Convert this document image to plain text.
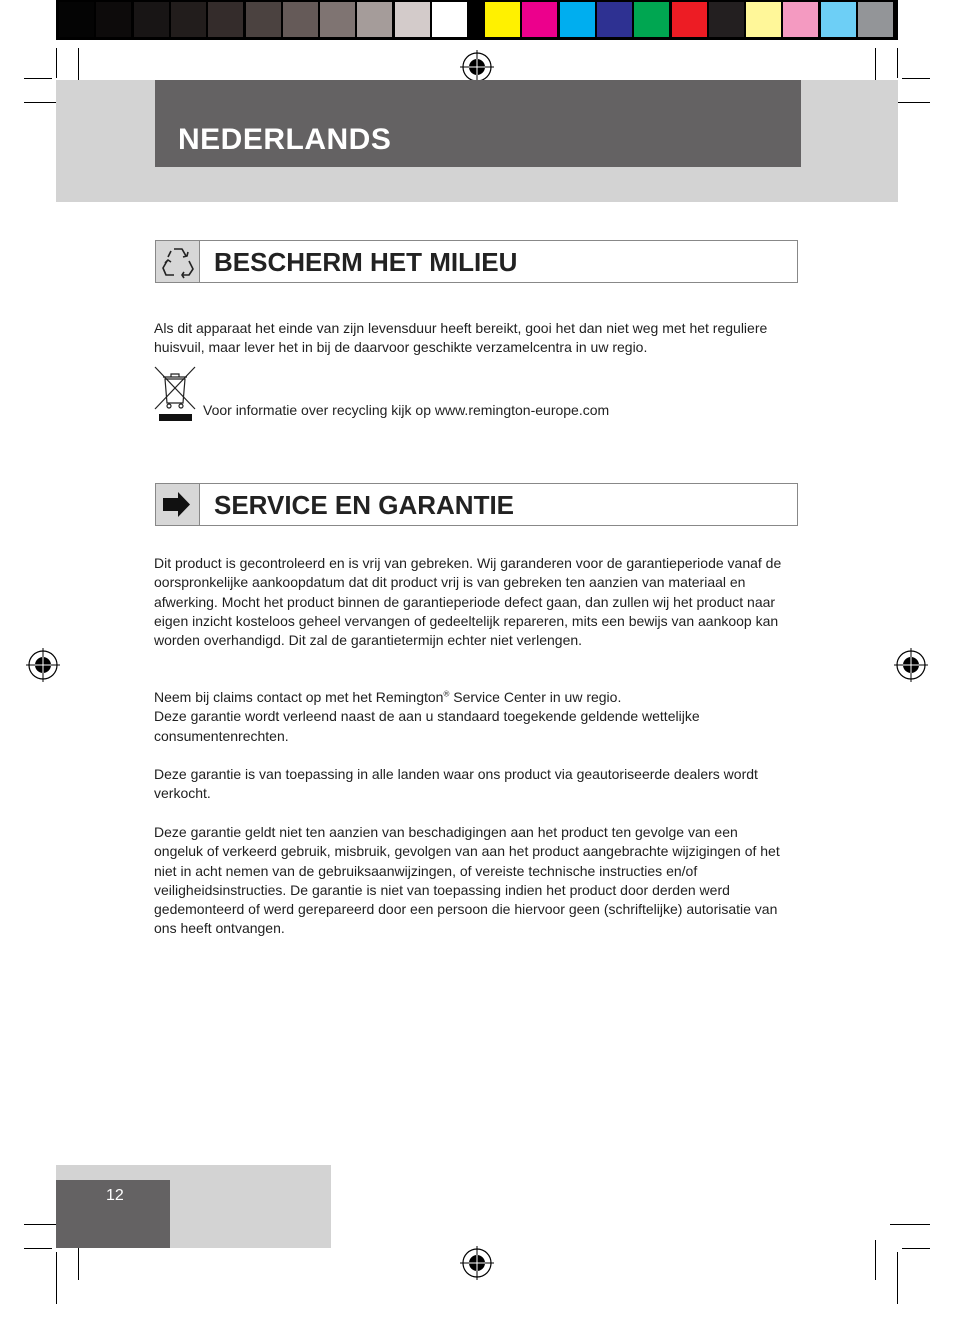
NEDERLANDS
BESCHERM HET MILIEU

Als dit apparaat het einde van zijn levensduur heeft bereikt, gooi het dan niet weg met het reguliere huisvuil, maar lever het in bij de daarvoor geschikte verzamelcentra in uw regio.

Voor informatie over recycling kijk op www.remington-europe.com
SERVICE EN GARANTIE

Dit product is gecontroleerd en is vrij van gebreken. Wij garanderen voor de garantieperiode vanaf de oorspronkelijke aankoopdatum dat dit product vrij is van gebreken ten aanzien van materiaal en afwerking. Mocht het product binnen de garantieperiode defect gaan, dan zullen wij het product naar eigen inzicht kosteloos geheel vervangen of gedeeltelijk repareren, mits een bewijs van aankoop kan worden overhandigd. Dit zal de garantietermijn echter niet verlengen.

Neem bij claims contact op met het Remington® Service Center in uw regio.

Deze garantie wordt verleend naast de aan u standaard toegekende geldende wettelijke consumentenrechten.

Deze garantie is van toepassing in alle landen waar ons product via geautoriseerde dealers wordt verkocht.

Deze garantie geldt niet ten aanzien van beschadigingen aan het product ten gevolge van een ongeluk of verkeerd gebruik, misbruik, gevolgen van aan het product aangebrachte wijzigingen of het niet in acht nemen van de gebruiksaanwijzingen, of vereiste technische instructies en/of veiligheidsinstructies. De garantie is niet van toepassing indien het product door derden werd gedemonteerd of werd gerepareerd door een persoon die hiervoor geen (schriftelijke) autorisatie van ons heeft ontvangen.

12
